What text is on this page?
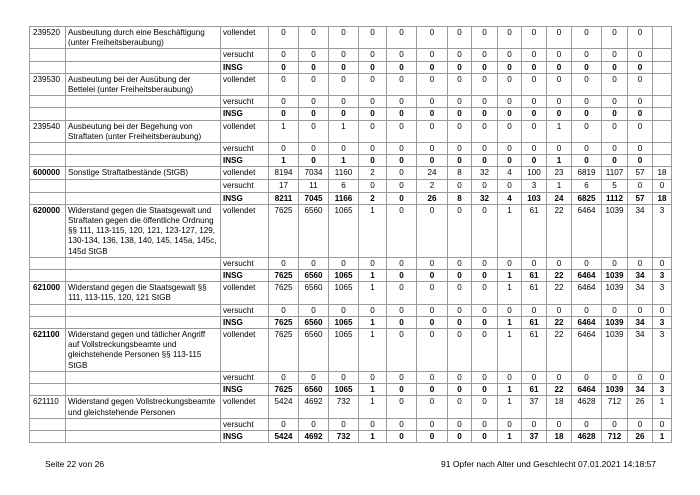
239520	Ausbeutung durch eine Beschäftigung (unter Freiheitsberaubung)	vollendet	0	0	0	0	0	0	0	0	0	0	0	0	0	0	
		versucht	0	0	0	0	0	0	0	0	0	0	0	0	0	0	
		INSG	0	0	0	0	0	0	0	0	0	0	0	0	0	0	
239530	Ausbeutung bei der Ausübung der Bettelei (unter Freiheitsberaubung)	vollendet	0	0	0	0	0	0	0	0	0	0	0	0	0	0	
		versucht	0	0	0	0	0	0	0	0	0	0	0	0	0	0	
		INSG	0	0	0	0	0	0	0	0	0	0	0	0	0	0	
239540	Ausbeutung bei der Begehung von Straftaten (unter Freiheitsberaubung)	vollendet	1	0	1	0	0	0	0	0	0	0	1	0	0	0	
		versucht	0	0	0	0	0	0	0	0	0	0	0	0	0	0	
		INSG	1	0	1	0	0	0	0	0	0	0	1	0	0	0	
600000	Sonstige Straftatbestände (StGB)	vollendet	8194	7034	1160	2	0	24	8	32	4	100	23	6819	1107	57	18
		versucht	17	11	6	0	0	2	0	0	0	3	1	6	5	0	0
		INSG	8211	7045	1166	2	0	26	8	32	4	103	24	6825	1112	57	18
620000	Widerstand gegen die Staatsgewalt und Straftaten gegen die öffentliche Ordnung §§ 111, 113-115, 120, 121, 123-127, 129, 130-134, 136, 138, 140, 145, 145a, 145c, 145d StGB	vollendet	7625	6560	1065	1	0	0	0	0	1	61	22	6464	1039	34	3
		versucht	0	0	0	0	0	0	0	0	0	0	0	0	0	0	0
		INSG	7625	6560	1065	1	0	0	0	0	1	61	22	6464	1039	34	3
621000	Widerstand gegen die Staatsgewalt §§ 111, 113-115, 120, 121 StGB	vollendet	7625	6560	1065	1	0	0	0	0	1	61	22	6464	1039	34	3
		versucht	0	0	0	0	0	0	0	0	0	0	0	0	0	0	0
		INSG	7625	6560	1065	1	0	0	0	0	1	61	22	6464	1039	34	3
621100	Widerstand gegen und tätlicher Angriff auf Vollstreckungsbeamte und gleichstehende Personen §§ 113-115 StGB	vollendet	7625	6560	1065	1	0	0	0	0	1	61	22	6464	1039	34	3
		versucht	0	0	0	0	0	0	0	0	0	0	0	0	0	0	0
		INSG	7625	6560	1065	1	0	0	0	0	1	61	22	6464	1039	34	3
621110	Widerstand gegen Vollstreckungsbeamte und gleichstehende Personen	vollendet	5424	4692	732	1	0	0	0	0	1	37	18	4628	712	26	1
		versucht	0	0	0	0	0	0	0	0	0	0	0	0	0	0	0
		INSG	5424	4692	732	1	0	0	0	0	1	37	18	4628	712	26	1
Seite 22 von 26	91 Opfer nach Alter und Geschlecht 07.01.2021 14:18:57
